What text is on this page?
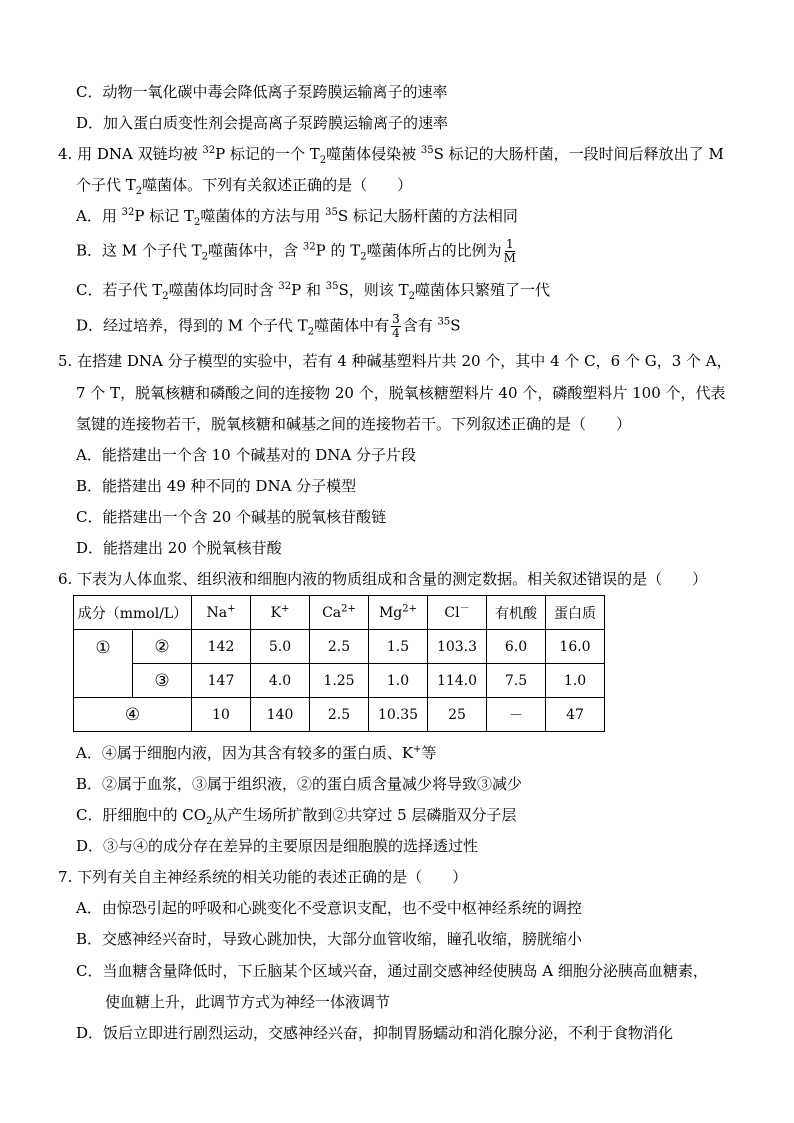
C．动物一氧化碳中毒会降低离子泵跨膜运输离子的速率
D．加入蛋白质变性剂会提高离子泵跨膜运输离子的速率
4. 用 DNA 双链均被 $^{32}$P 标记的一个 $T_2$噬菌体侵染被 $^{35}$S 标记的大肠杆菌，一段时间后释放出了 M
个子代 $T_2$噬菌体。下列有关叙述正确的是（　　）
A．用 $^{32}$P 标记 $T_2$噬菌体的方法与用 $^{35}$S 标记大肠杆菌的方法相同
B．这 M 个子代 $T_2$噬菌体中，含 $^{32}$P 的 $T_2$噬菌体所占的比例为 $\frac{1}{M}$
C．若子代 $T_2$噬菌体均同时含 $^{32}$P 和 $^{35}$S，则该 $T_2$噬菌体只繁殖了一代
D．经过培养，得到的 M 个子代 $T_2$噬菌体中有 $\frac{3}{4}$ 含有 $^{35}$S
5. 在搭建 DNA 分子模型的实验中，若有 4 种碱基塑料片共 20 个，其中 4 个 C，6 个 G，3 个 A，
7 个 T，脱氧核糖和磷酸之间的连接物 20 个，脱氧核糖塑料片 40 个，磷酸塑料片 100 个，代表
氢键的连接物若干，脱氧核糖和碱基之间的连接物若干。下列叙述正确的是（　　）
A．能搭建出一个含 10 个碱基对的 DNA 分子片段
B．能搭建出 49 种不同的 DNA 分子模型
C．能搭建出一个含 20 个碱基的脱氧核苷酸链
D．能搭建出 20 个脱氧核苷酸
6. 下表为人体血浆、组织液和细胞内液的物质组成和含量的测定数据。相关叙述错误的是（　　）
成分（mmol/L）		Na+	K+	$Ca^{2+}$	$Mg^{2+}$	Cl－	有机酸	蛋白质
①	②	142	5.0	2.5	1.5	103.3	6.0	16.0
	③	147	4.0	1.25	1.0	114.0	7.5	1.0
④		10	140	2.5	10.35	25	－	47
A．④属于细胞内液，因为其含有较多的蛋白质、K+等
B．②属于血浆，③属于组织液，②的蛋白质含量减少将导致③减少
C．肝细胞中的 $CO_2$从产生场所扩散到②共穿过 5 层磷脂双分子层
D．③与④的成分存在差异的主要原因是细胞膜的选择透过性
7. 下列有关自主神经系统的相关功能的表述正确的是（　　）
A．由惊恐引起的呼吸和心跳变化不受意识支配，也不受中枢神经系统的调控
B．交感神经兴奋时，导致心跳加快，大部分血管收缩，瞳孔收缩，膀胱缩小
C．当血糖含量降低时，下丘脑某个区域兴奋，通过副交感神经使胰岛 A 细胞分泌胰高血糖素，
使血糖上升，此调节方式为神经一体液调节
D．饭后立即进行剧烈运动，交感神经兴奋，抑制胃肠蠕动和消化腺分泌，不利于食物消化
